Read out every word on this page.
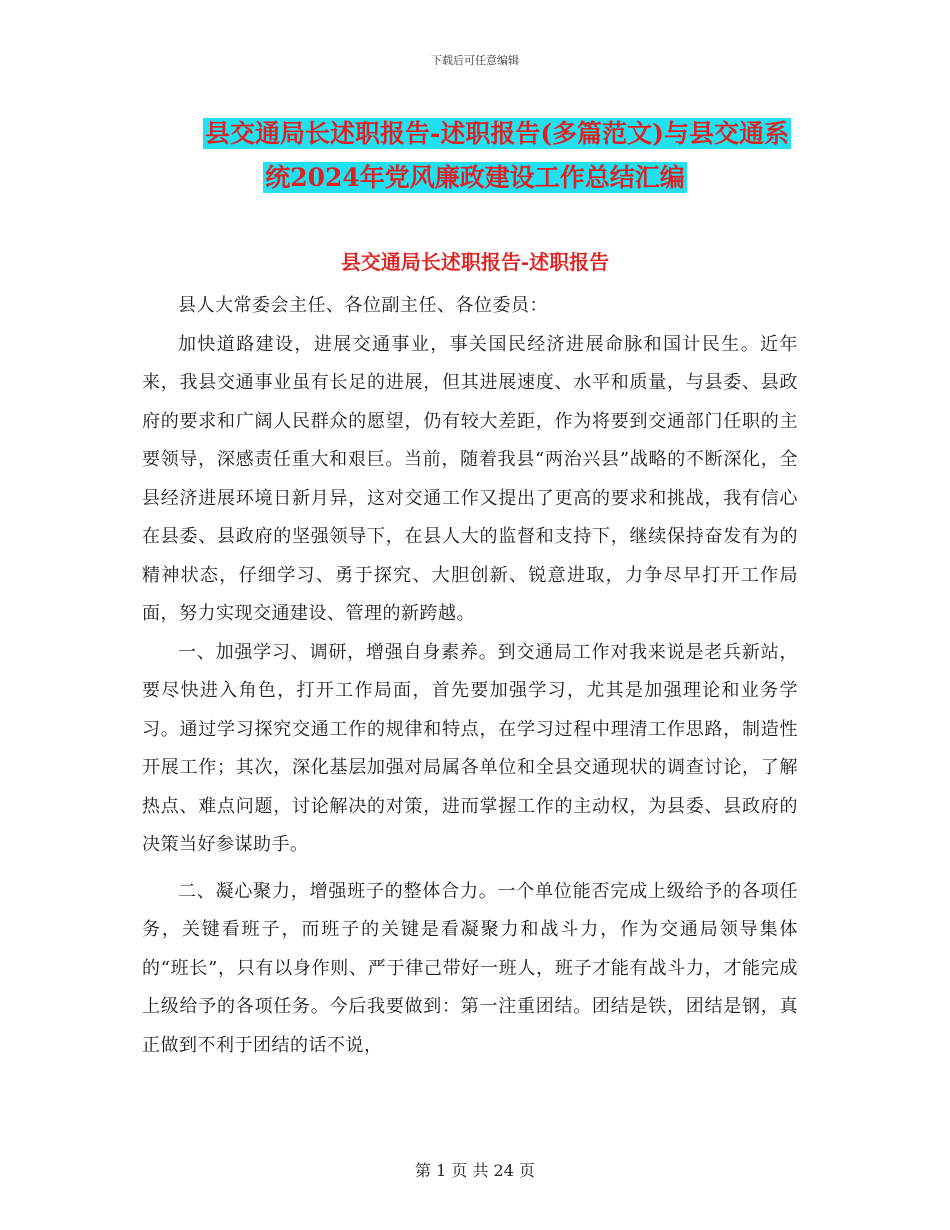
下载后可任意编辑
县交通局长述职报告-述职报告(多篇范文)与县交通系
统2024年党风廉政建设工作总结汇编
县交通局长述职报告-述职报告

县人大常委会主任、各位副主任、各位委员：

加快道路建设，进展交通事业，事关国民经济进展命脉和国计民生。近年来，我县交通事业虽有长足的进展，但其进展速度、水平和质量，与县委、县政府的要求和广阔人民群众的愿望，仍有较大差距，作为将要到交通部门任职的主要领导，深感责任重大和艰巨。当前，随着我县“两治兴县”战略的不断深化，全县经济进展环境日新月异，这对交通工作又提出了更高的要求和挑战，我有信心在县委、县政府的坚强领导下，在县人大的监督和支持下，继续保持奋发有为的精神状态，仔细学习、勇于探究、大胆创新、锐意进取，力争尽早打开工作局面，努力实现交通建设、管理的新跨越。

一、加强学习、调研，增强自身素养。到交通局工作对我来说是老兵新站，要尽快进入角色，打开工作局面，首先要加强学习，尤其是加强理论和业务学习。通过学习探究交通工作的规律和特点，在学习过程中理清工作思路，制造性开展工作；其次，深化基层加强对局属各单位和全县交通现状的调查讨论，了解热点、难点问题，讨论解决的对策，进而掌握工作的主动权，为县委、县政府的决策当好参谋助手。

二、凝心聚力，增强班子的整体合力。一个单位能否完成上级给予的各项任务，关键看班子，而班子的关键是看凝聚力和战斗力，作为交通局领导集体的“班长”，只有以身作则、严于律己带好一班人，班子才能有战斗力，才能完成上级给予的各项任务。今后我要做到：第一注重团结。团结是铁，团结是钢，真正做到不利于团结的话不说，

第 1 页 共 24 页
